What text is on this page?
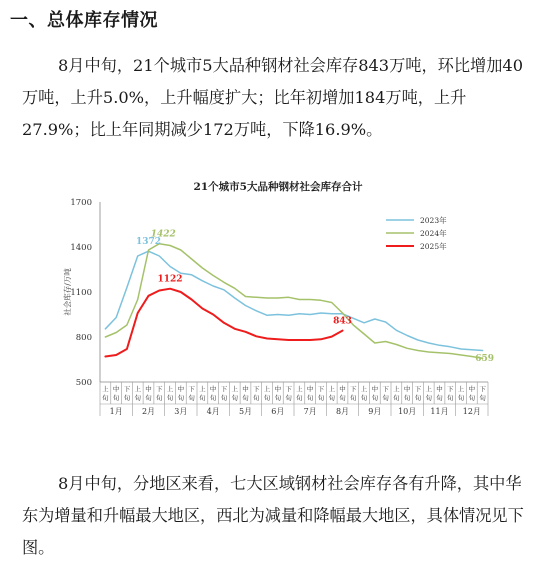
一、总体库存情况

8月中旬，21个城市5大品种钢材社会库存843万吨，环比增加40万吨，上升5.0%，上升幅度扩大；比年初增加184万吨，上升27.9%；比上年同期减少172万吨，下降16.9%。

21个城市5大品种钢材社会库存合计
500
800
1100
1400
1700
社会库存/万吨
上
旬
中
旬
下
旬
上
旬
中
旬
下
旬
上
旬
中
旬
下
旬
上
旬
中
旬
下
旬
上
旬
中
旬
下
旬
上
旬
中
旬
下
旬
上
旬
中
旬
下
旬
上
旬
中
旬
下
旬
上
旬
中
旬
下
旬
上
旬
中
旬
下
旬
上
旬
中
旬
下
旬
上
旬
中
旬
下
旬
1月 2月 3月 4月 5月 6月 7月 8月 9月 10月 11月 12月
1372
1422
1122
843
659
2023年
2024年
2025年

8月中旬，分地区来看，七大区域钢材社会库存各有升降，其中华东为增量和升幅最大地区，西北为减量和降幅最大地区，具体情况见下图。
